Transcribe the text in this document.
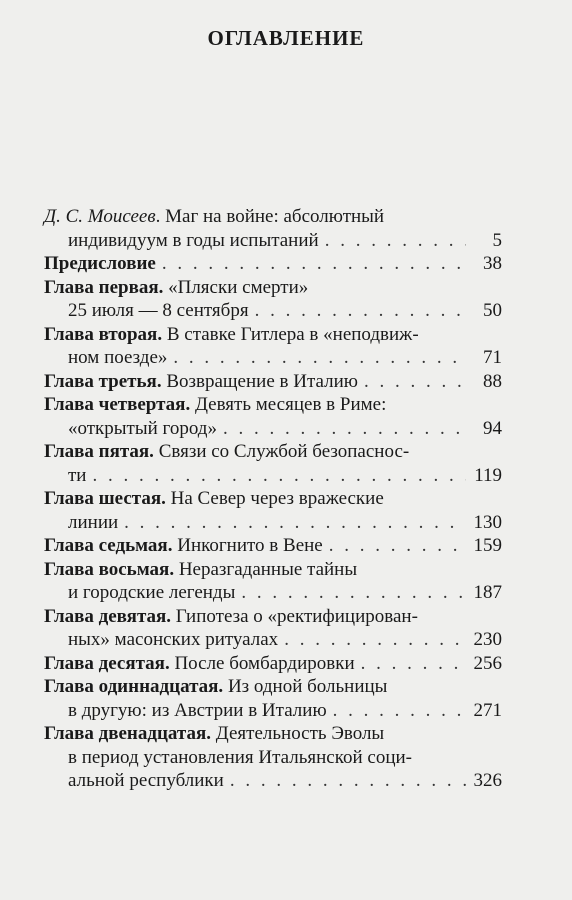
ОГЛАВЛЕНИЕ
Д. С. Моисеев. Маг на войне: абсолютный
индивидуум в годы испытаний . . .	5
Предисловие . . .	38
Глава первая. «Пляски смерти»
25 июля — 8 сентября . . .	50
Глава вторая. В ставке Гитлера в «неподвиж-
ном поезде» . . .	71
Глава третья. Возвращение в Италию . . .	88
Глава четвертая. Девять месяцев в Риме:
«открытый город» . . .	94
Глава пятая. Связи со Службой безопаснос-
ти . . .	119
Глава шестая. На Север через вражеские
линии . . .	130
Глава седьмая. Инкогнито в Вене . . .	159
Глава восьмая. Неразгаданные тайны
и городские легенды . . .	187
Глава девятая. Гипотеза о «ректифицирован-
ных» масонских ритуалах . . .	230
Глава десятая. После бомбардировки . . .	256
Глава одиннадцатая. Из одной больницы
в другую: из Австрии в Италию . . .	271
Глава двенадцатая. Деятельность Эволы
в период установления Итальянской соци-
альной республики . . .	326
